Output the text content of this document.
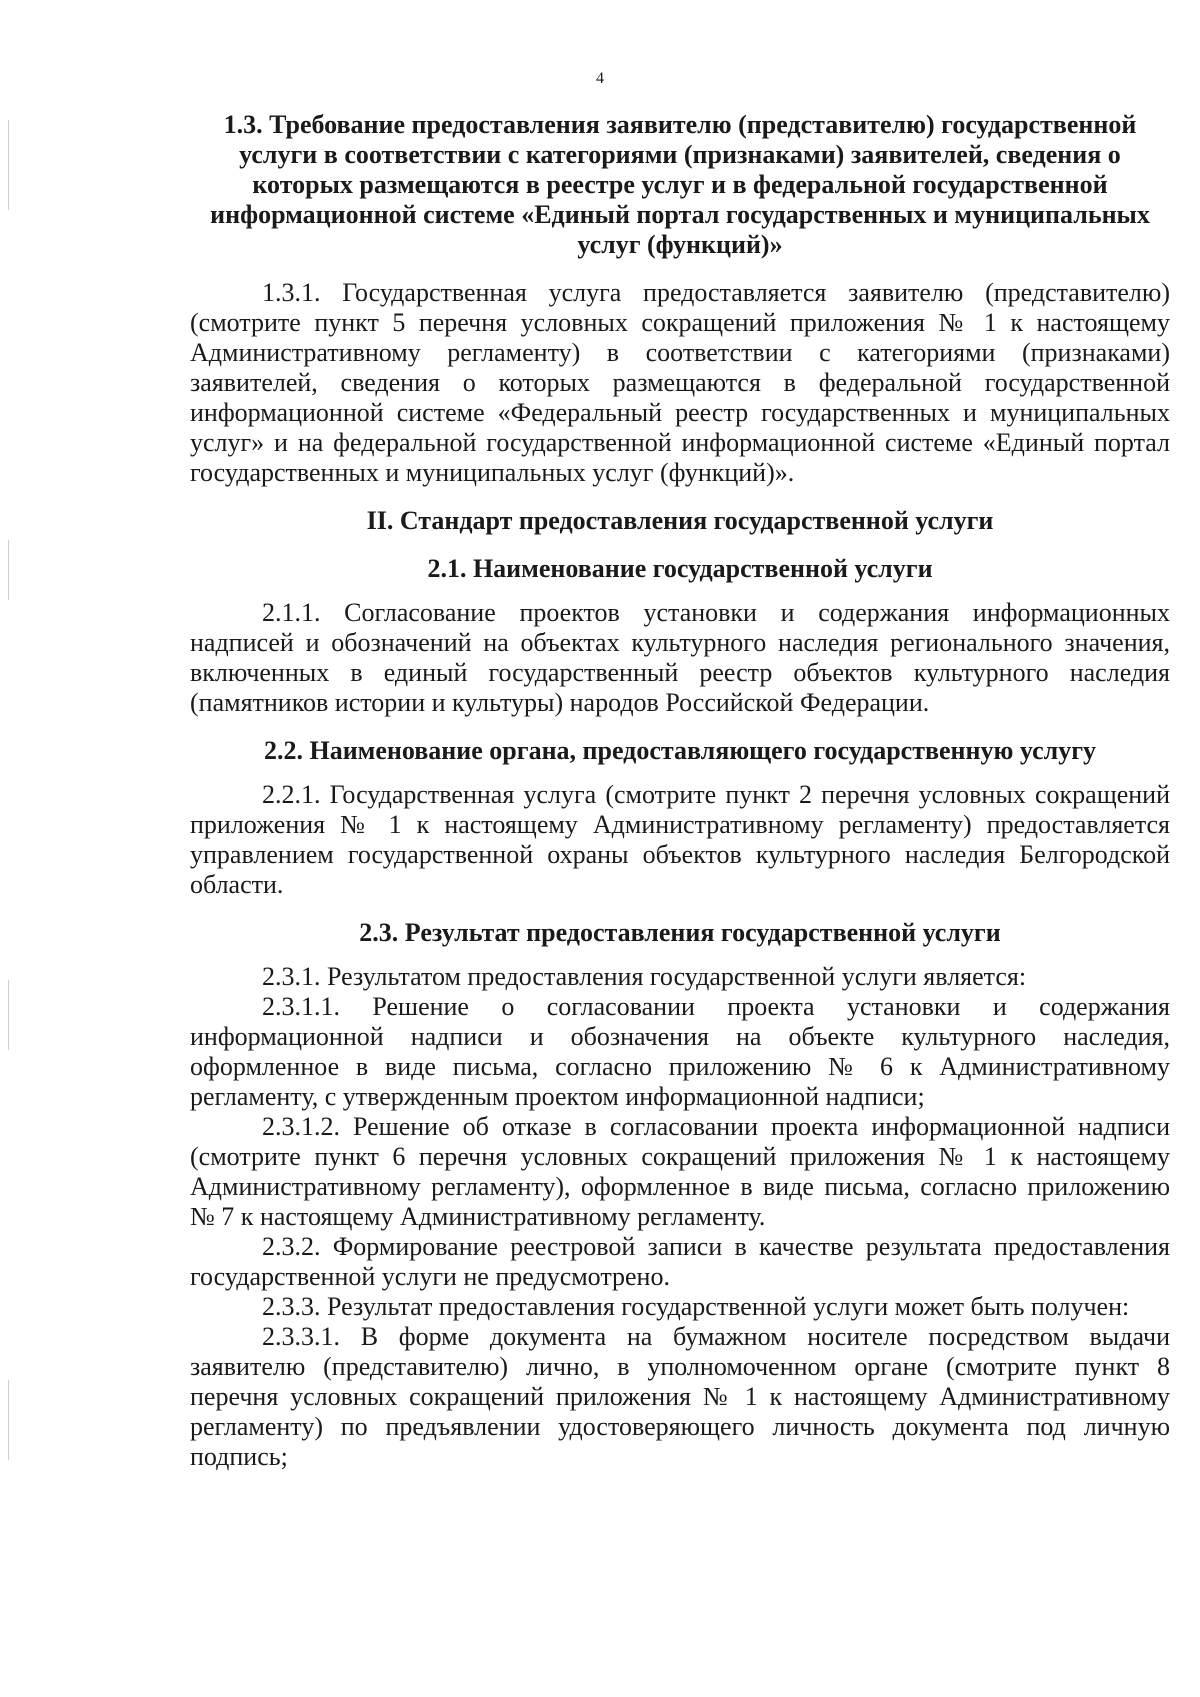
4

1.3. Требование предоставления заявителю (представителю) государственной услуги в соответствии с категориями (признаками) заявителей, сведения о которых размещаются в реестре услуг и в федеральной государственной информационной системе «Единый портал государственных и муниципальных услуг (функций)»

1.3.1. Государственная услуга предоставляется заявителю (представителю) (смотрите пункт 5 перечня условных сокращений приложения № 1 к настоящему Административному регламенту) в соответствии с категориями (признаками) заявителей, сведения о которых размещаются в федеральной государственной информационной системе «Федеральный реестр государственных и муниципальных услуг» и на федеральной государственной информационной системе «Единый портал государственных и муниципальных услуг (функций)».

II. Стандарт предоставления государственной услуги

2.1. Наименование государственной услуги

2.1.1. Согласование проектов установки и содержания информационных надписей и обозначений на объектах культурного наследия регионального значения, включенных в единый государственный реестр объектов культурного наследия (памятников истории и культуры) народов Российской Федерации.

2.2. Наименование органа, предоставляющего государственную услугу

2.2.1. Государственная услуга (смотрите пункт 2 перечня условных сокращений приложения № 1 к настоящему Административному регламенту) предоставляется управлением государственной охраны объектов культурного наследия Белгородской области.

2.3. Результат предоставления государственной услуги

2.3.1. Результатом предоставления государственной услуги является:

2.3.1.1. Решение о согласовании проекта установки и содержания информационной надписи и обозначения на объекте культурного наследия, оформленное в виде письма, согласно приложению № 6 к Административному регламенту, с утвержденным проектом информационной надписи;

2.3.1.2. Решение об отказе в согласовании проекта информационной надписи (смотрите пункт 6 перечня условных сокращений приложения № 1 к настоящему Административному регламенту), оформленное в виде письма, согласно приложению № 7 к настоящему Административному регламенту.

2.3.2. Формирование реестровой записи в качестве результата предоставления государственной услуги не предусмотрено.

2.3.3. Результат предоставления государственной услуги может быть получен:

2.3.3.1. В форме документа на бумажном носителе посредством выдачи заявителю (представителю) лично, в уполномоченном органе (смотрите пункт 8 перечня условных сокращений приложения № 1 к настоящему Административному регламенту) по предъявлении удостоверяющего личность документа под личную подпись;
